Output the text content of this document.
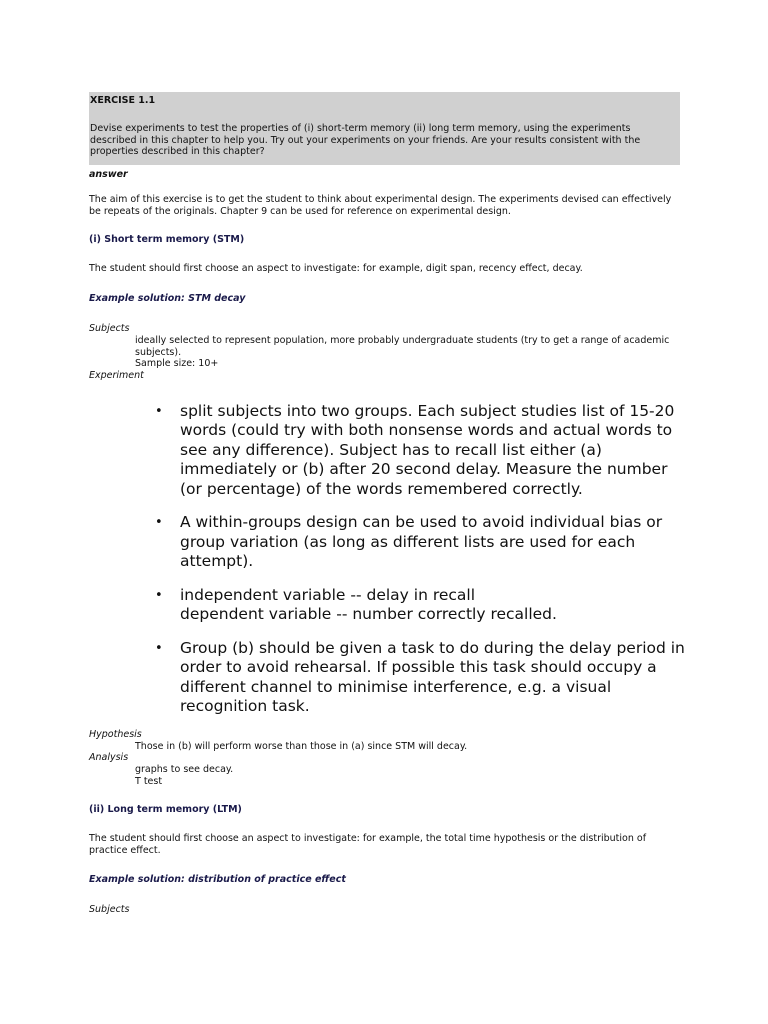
XERCISE 1.1

Devise experiments to test the properties of (i) short-term memory (ii) long term memory, using the experiments
described in this chapter to help you. Try out your experiments on your friends. Are your results consistent with the
properties described in this chapter?

answer

The aim of this exercise is to get the student to think about experimental design. The experiments devised can effectively
be repeats of the originals. Chapter 9 can be used for reference on experimental design.

(i) Short term memory (STM)

The student should first choose an aspect to investigate: for example, digit span, recency effect, decay.

Example solution: STM decay

Subjects

ideally selected to represent population, more probably undergraduate students (try to get a range of academic
subjects).
Sample size: 10+

Experiment

• split subjects into two groups. Each subject studies list of 15-20
words (could try with both nonsense words and actual words to
see any difference). Subject has to recall list either (a)
immediately or (b) after 20 second delay. Measure the number
(or percentage) of the words remembered correctly.
• A within-groups design can be used to avoid individual bias or
group variation (as long as different lists are used for each
attempt).
• independent variable -- delay in recall
dependent variable -- number correctly recalled.
• Group (b) should be given a task to do during the delay period in
order to avoid rehearsal. If possible this task should occupy a
different channel to minimise interference, e.g. a visual
recognition task.

Hypothesis

Those in (b) will perform worse than those in (a) since STM will decay.

Analysis

graphs to see decay.
T test

(ii) Long term memory (LTM)

The student should first choose an aspect to investigate: for example, the total time hypothesis or the distribution of
practice effect.

Example solution: distribution of practice effect

Subjects
